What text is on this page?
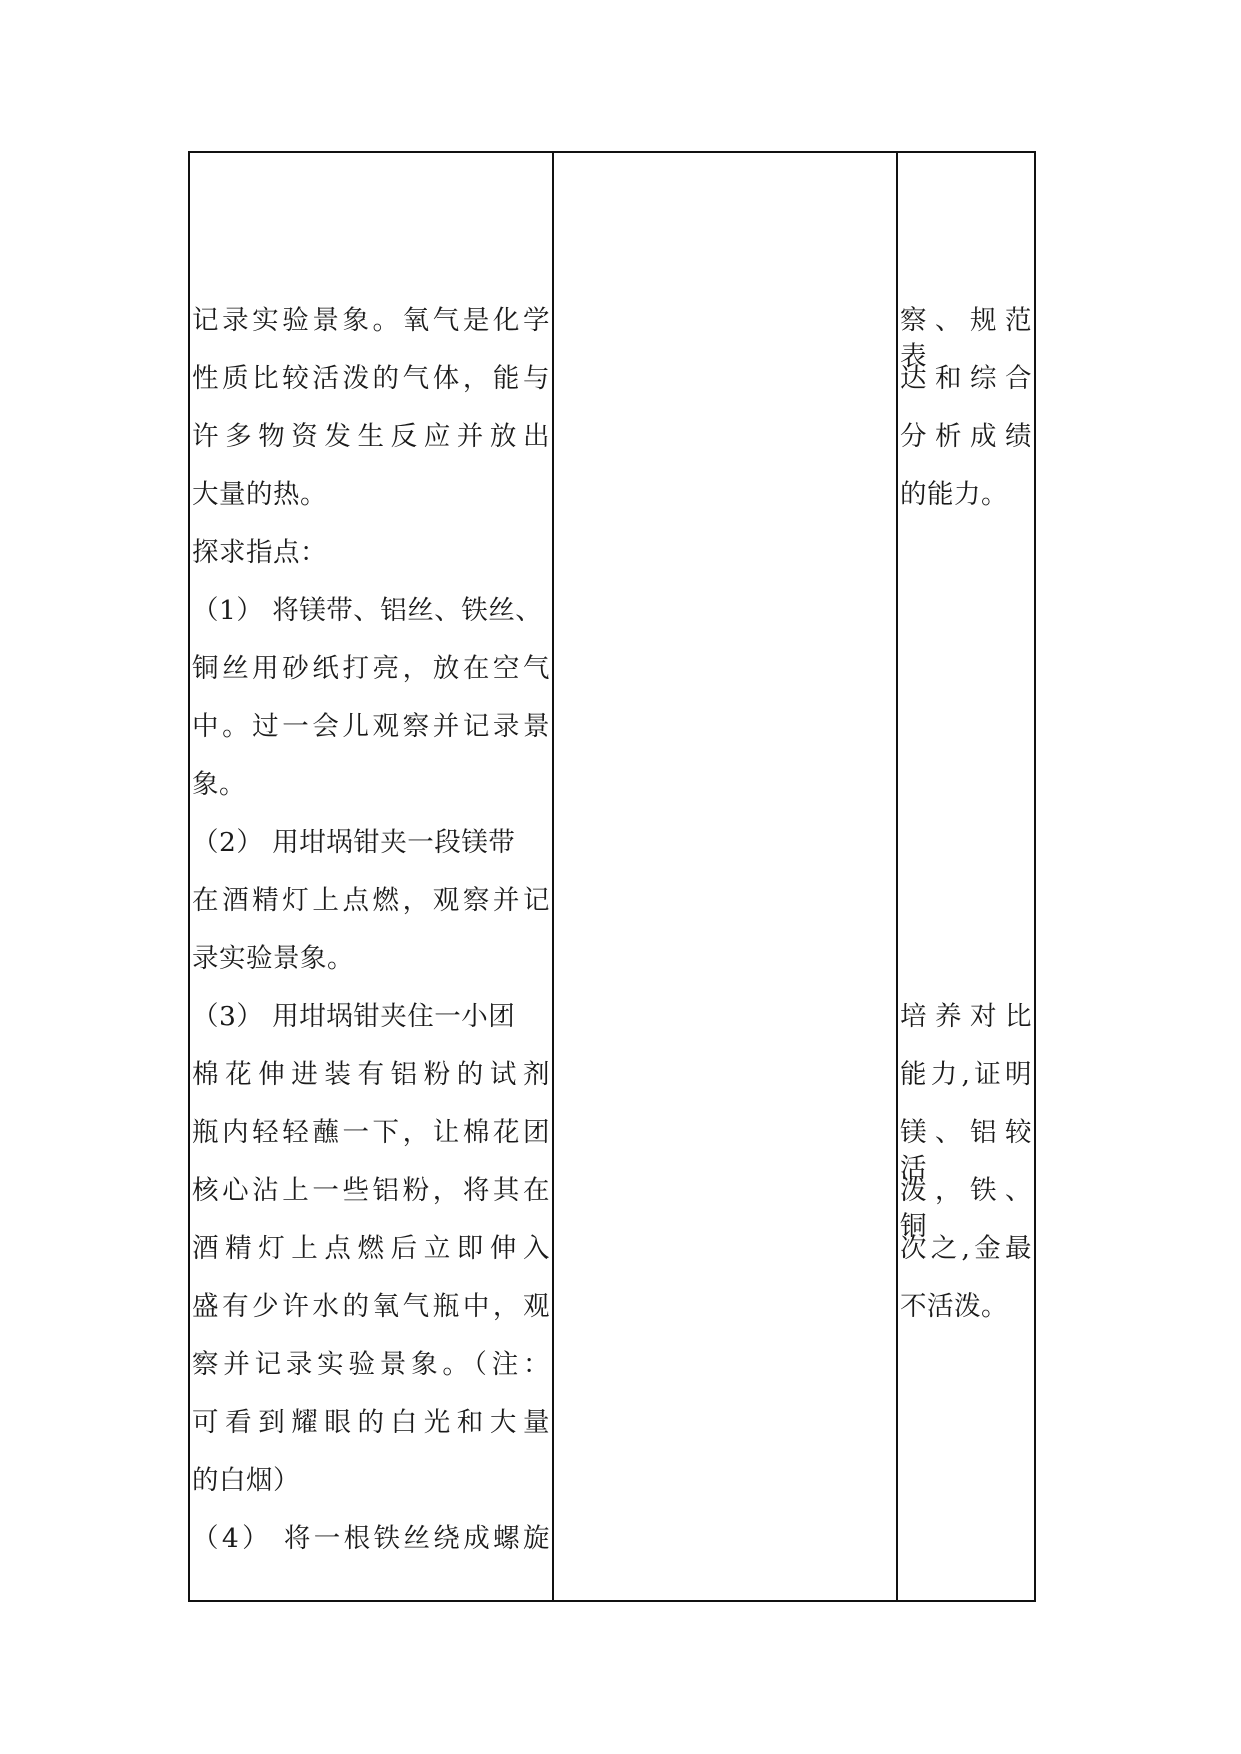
记录实验景象。氧气是化学
性质比较活泼的气体，能与
许多物资发生反应并放出
大量的热。
探求指点：
（1） 将镁带、铝丝、铁丝、
铜丝用砂纸打亮，放在空气
中。过一会儿观察并记录景
象。
（2） 用坩埚钳夹一段镁带
在酒精灯上点燃，观察并记
录实验景象。
（3） 用坩埚钳夹住一小团
棉花伸进装有铝粉的试剂
瓶内轻轻蘸一下，让棉花团
核心沾上一些铝粉，将其在
酒精灯上点燃后立即伸入
盛有少许水的氧气瓶中，观
察并记录实验景象。（注：
可看到耀眼的白光和大量
的白烟）
（4） 将一根铁丝绕成螺旋
察、规范表
达和综合
分析成绩
的能力。
培养对比
能力,证明
镁、铝较活
泼，铁、铜
次之,金最
不活泼。
